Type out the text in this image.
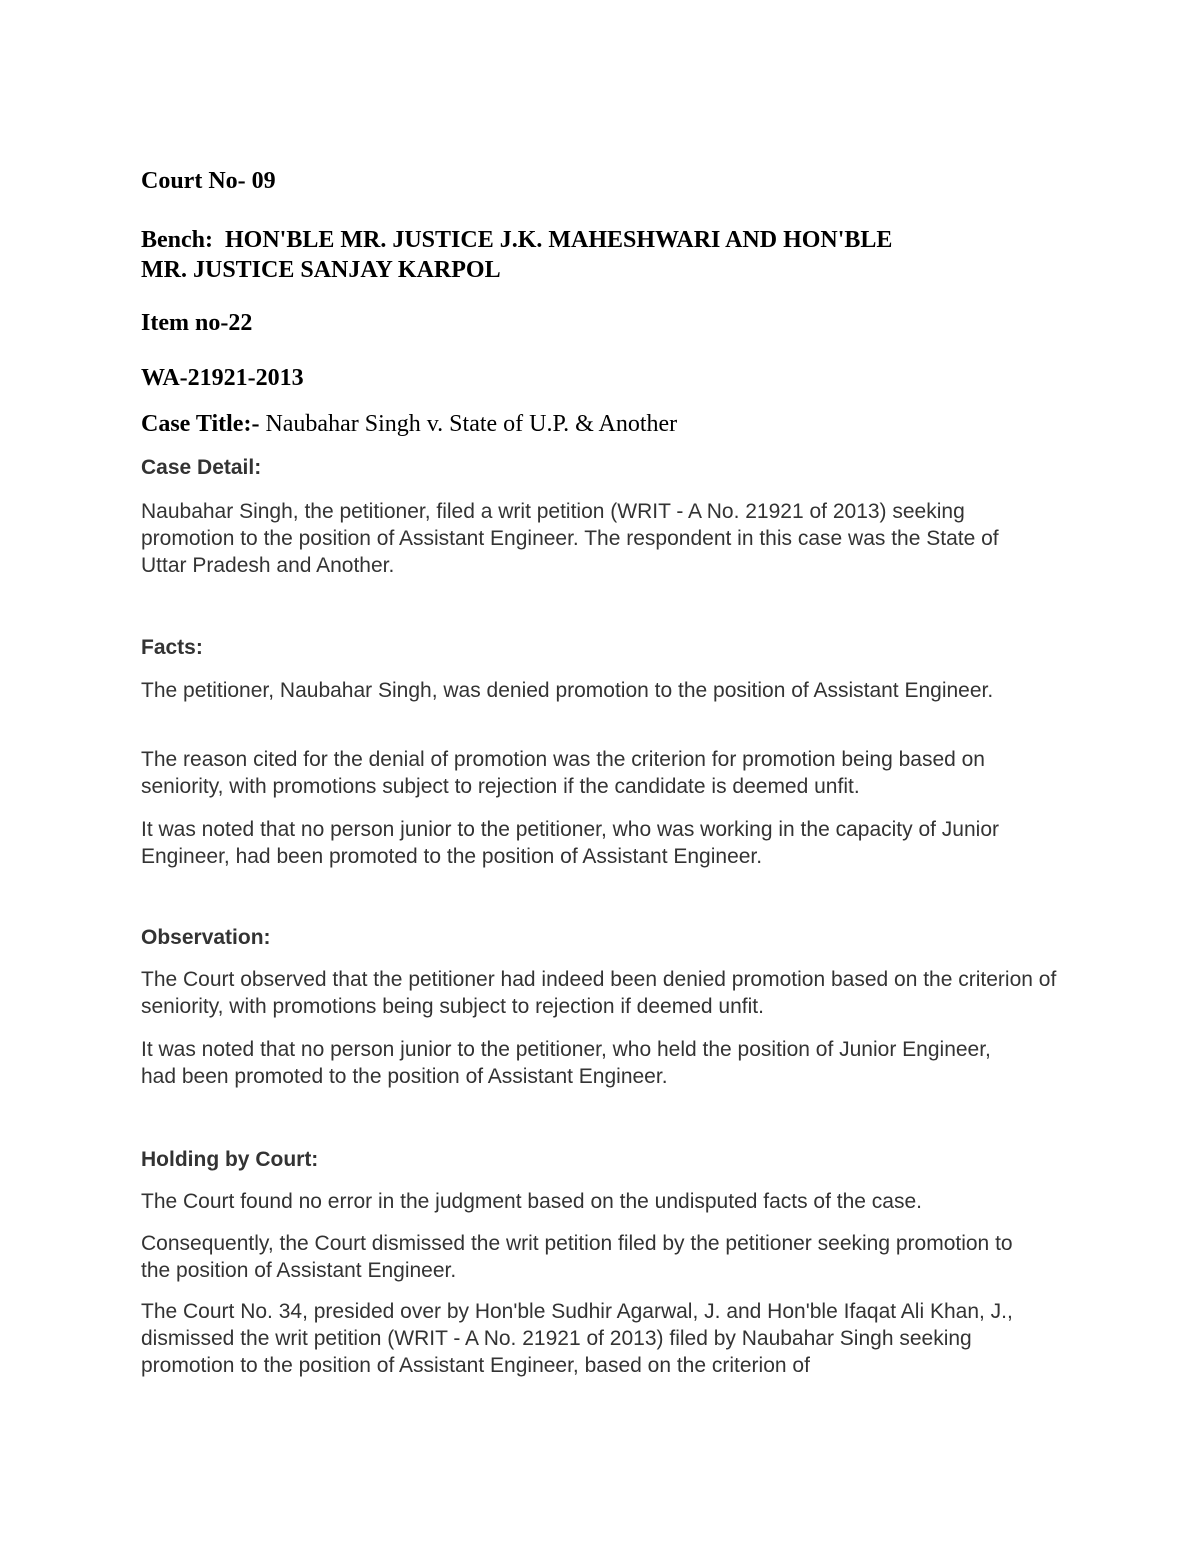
Court No- 09
Bench:  HON'BLE MR. JUSTICE J.K. MAHESHWARI AND HON'BLE
MR. JUSTICE SANJAY KARPOL
Item no-22
WA-21921-2013
Case Title:- Naubahar Singh v. State of U.P. & Another
Case Detail:

Naubahar Singh, the petitioner, filed a writ petition (WRIT - A No. 21921 of 2013) seeking promotion to the position of Assistant Engineer. The respondent in this case was the State of Uttar Pradesh and Another.

Facts:

The petitioner, Naubahar Singh, was denied promotion to the position of Assistant Engineer.

The reason cited for the denial of promotion was the criterion for promotion being based on seniority, with promotions subject to rejection if the candidate is deemed unfit.

It was noted that no person junior to the petitioner, who was working in the capacity of Junior Engineer, had been promoted to the position of Assistant Engineer.

Observation:

The Court observed that the petitioner had indeed been denied promotion based on the criterion of seniority, with promotions being subject to rejection if deemed unfit.

It was noted that no person junior to the petitioner, who held the position of Junior Engineer, had been promoted to the position of Assistant Engineer.

Holding by Court:

The Court found no error in the judgment based on the undisputed facts of the case.

Consequently, the Court dismissed the writ petition filed by the petitioner seeking promotion to the position of Assistant Engineer.

The Court No. 34, presided over by Hon'ble Sudhir Agarwal, J. and Hon'ble Ifaqat Ali Khan, J., dismissed the writ petition (WRIT - A No. 21921 of 2013) filed by Naubahar Singh seeking promotion to the position of Assistant Engineer, based on the criterion of
